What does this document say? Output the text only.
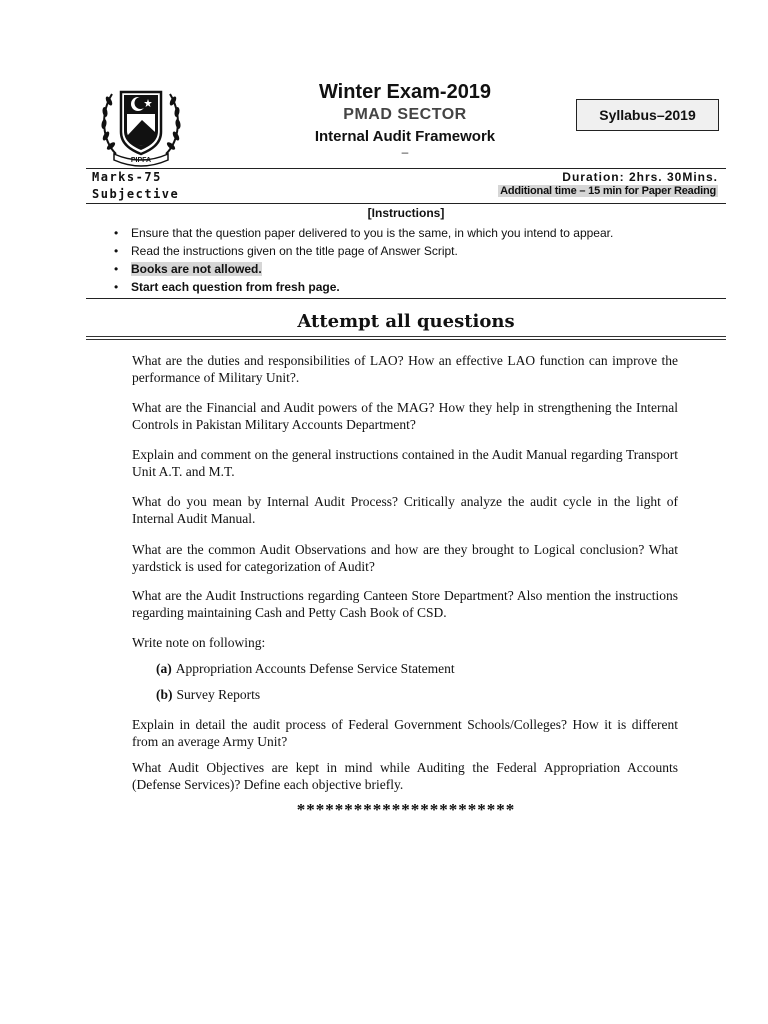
PIPFA
Winter Exam-2019
PMAD SECTOR
Internal Audit Framework
–
Syllabus–2019
Marks-75
Subjective
Duration: 2hrs. 30Mins.
Additional time – 15 min for Paper Reading
[Instructions]
• Ensure that the question paper delivered to you is the same, in which you intend to appear.
• Read the instructions given on the title page of Answer Script.
• Books are not allowed.
• Start each question from fresh page.
Attempt all questions

What are the duties and responsibilities of LAO? How an effective LAO function can improve the performance of Military Unit?.

What are the Financial and Audit powers of the MAG? How they help in strengthening the Internal Controls in Pakistan Military Accounts Department?

Explain and comment on the general instructions contained in the Audit Manual regarding Transport Unit A.T. and M.T.

What do you mean by Internal Audit Process? Critically analyze the audit cycle in the light of Internal Audit Manual.

What are the common Audit Observations and how are they brought to Logical conclusion? What yardstick is used for categorization of Audit?

What are the Audit Instructions regarding Canteen Store Department? Also mention the instructions regarding maintaining Cash and Petty Cash Book of CSD.

Write note on following:

(a) Appropriation Accounts Defense Service Statement
(b) Survey Reports

Explain in detail the audit process of Federal Government Schools/Colleges? How it is different from an average Army Unit?

What Audit Objectives are kept in mind while Auditing the Federal Appropriation Accounts (Defense Services)? Define each objective briefly.

***********************
